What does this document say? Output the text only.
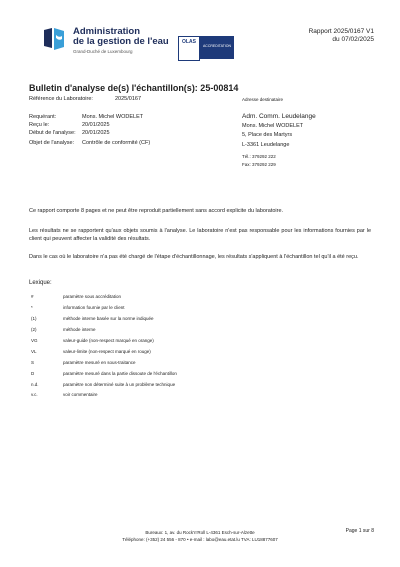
Administration
de la gestion de l'eau
Grand-Duché de Luxembourg
OLAS
ACCREDITATION
Rapport 2025/0167 V1
du 07/02/2025
Bulletin d'analyse de(s) l'échantillon(s): 25-00814
Référence du Laboratoire:	2025/0167	Adresse destinataire
Requérant:	Mons. Michel WODELET
Reçu le:	20/01/2025
Début de l'analyse: 20/01/2025
Objet de l'analyse: Contrôle de conformité (CF)
Adm. Comm. Leudelange
Mons. Michel WODELET
5, Place des Martyrs
L-3361 Leudelange
Tél.: 379292 222
Fax: 379292 229
Ce rapport comporte 8 pages et ne peut être reproduit partiellement sans accord explicite du laboratoire.
Les résultats ne se rapportent qu'aux objets soumis à l'analyse. Le laboratoire n'est pas responsable pour les informations fournies par le client qui peuvent affecter la validité des résultats.
Dans le cas où le laboratoire n'a pas été chargé de l'étape d'échantillonnage, les résultats s'appliquent à l'échantillon tel qu'il a été reçu.
Lexique:
#	paramètre sous accréditation
*	information fournie par le client
(1)	méthode interne basée sur la norme indiquée
(2)	méthode interne
VG	valeur-guide (non-respect marqué en orange)
VL	valeur-limite (non-respect marqué en rouge)
S	paramètre mesuré en sous-traitance
D	paramètre mesuré dans la partie dissoute de l'échantillon
n.d.	paramètre non déterminé suite à un problème technique
v.c.	voir commentaire
Bureaux: 1, av. du Rock'n'Roll L-4361 Esch-sur-Alzette
Téléphone: (+352) 24 556 - 870 • e-mail : labo@eau.etat.lu TVA: LU18877607
Page 1 sur 8
